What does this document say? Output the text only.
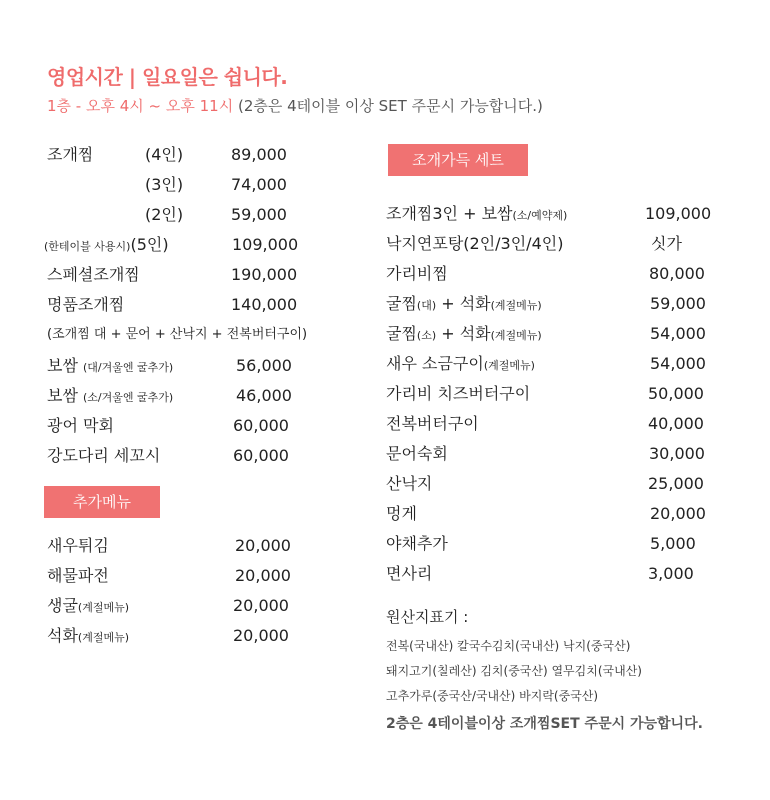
영업시간 | 일요일은 쉽니다.
1층 - 오후 4시 ~ 오후 11시 (2층은 4테이블 이상 SET 주문시 가능합니다.)
조개찜	(4인)	89,000
(3인)	74,000
(2인)	59,000
(한테이블 사용시)(5인)	109,000
스페셜조개찜	190,000
명품조개찜	140,000
(조개찜 대 + 문어 + 산낙지 + 전복버터구이)
보쌈 (대/겨울엔 굴추가)	56,000
보쌈 (소/겨울엔 굴추가)	46,000
광어 막회	60,000
강도다리 세꼬시	60,000
추가메뉴
새우튀김	20,000
해물파전	20,000
생굴(계절메뉴)	20,000
석화(계절메뉴)	20,000
조개가득 세트
조개찜3인 + 보쌈(소/예약제)	109,000
낙지연포탕(2인/3인/4인)	싯가
가리비찜	80,000
굴찜(대) + 석화(계절메뉴)	59,000
굴찜(소) + 석화(계절메뉴)	54,000
새우 소금구이(계절메뉴)	54,000
가리비 치즈버터구이	50,000
전복버터구이	40,000
문어숙회	30,000
산낙지	25,000
멍게	20,000
야채추가	5,000
면사리	3,000
원산지표기 :
전복(국내산) 칼국수김치(국내산) 낙지(중국산)
돼지고기(칠레산) 김치(중국산) 열무김치(국내산)
고추가루(중국산/국내산) 바지락(중국산)
2층은 4테이블이상 조개찜SET 주문시 가능합니다.
